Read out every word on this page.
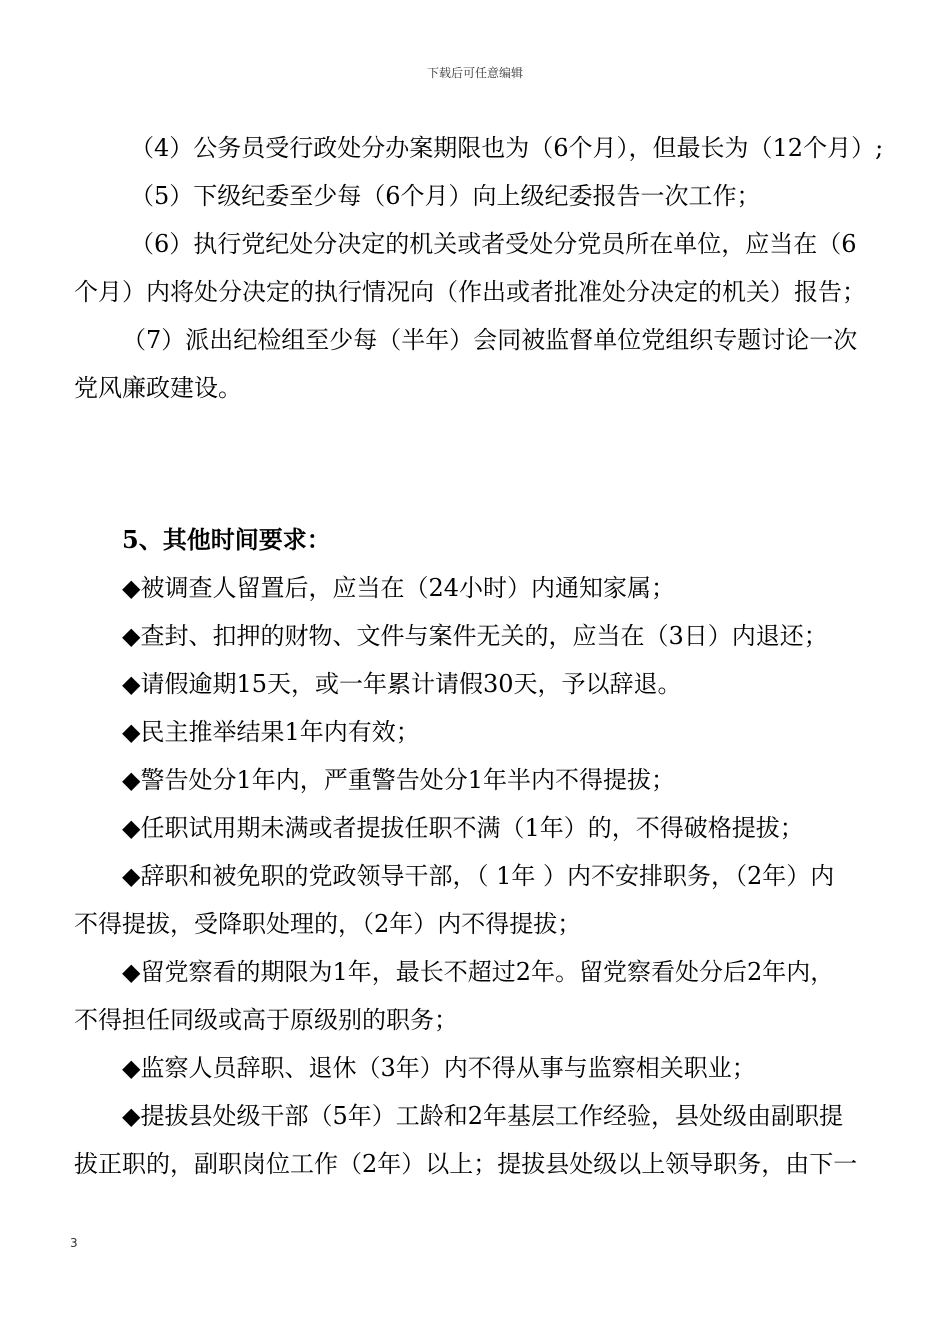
下载后可任意编辑
（4）公务员受行政处分办案期限也为（6个月），但最长为（12个月）;
（5）下级纪委至少每（6个月）向上级纪委报告一次工作；
（6）执行党纪处分决定的机关或者受处分党员所在单位，应当在（6
个月）内将处分决定的执行情况向（作出或者批准处分决定的机关）报告；
（7）派出纪检组至少每（半年）会同被监督单位党组织专题讨论一次
党风廉政建设。
5、其他时间要求：
◆被调查人留置后，应当在（24小时）内通知家属；
◆查封、扣押的财物、文件与案件无关的，应当在（3日）内退还；
◆请假逾期15天，或一年累计请假30天，予以辞退。
◆民主推举结果1年内有效；
◆警告处分1年内，严重警告处分1年半内不得提拔；
◆任职试用期未满或者提拔任职不满（1年）的，不得破格提拔；
◆辞职和被免职的党政领导干部，（ 1年 ）内不安排职务，（2年）内
不得提拔，受降职处理的，（2年）内不得提拔；
◆留党察看的期限为1年，最长不超过2年。留党察看处分后2年内，
不得担任同级或高于原级别的职务；
◆监察人员辞职、退休（3年）内不得从事与监察相关职业；
◆提拔县处级干部（5年）工龄和2年基层工作经验，县处级由副职提
拔正职的，副职岗位工作（2年）以上；提拔县处级以上领导职务，由下一
3
